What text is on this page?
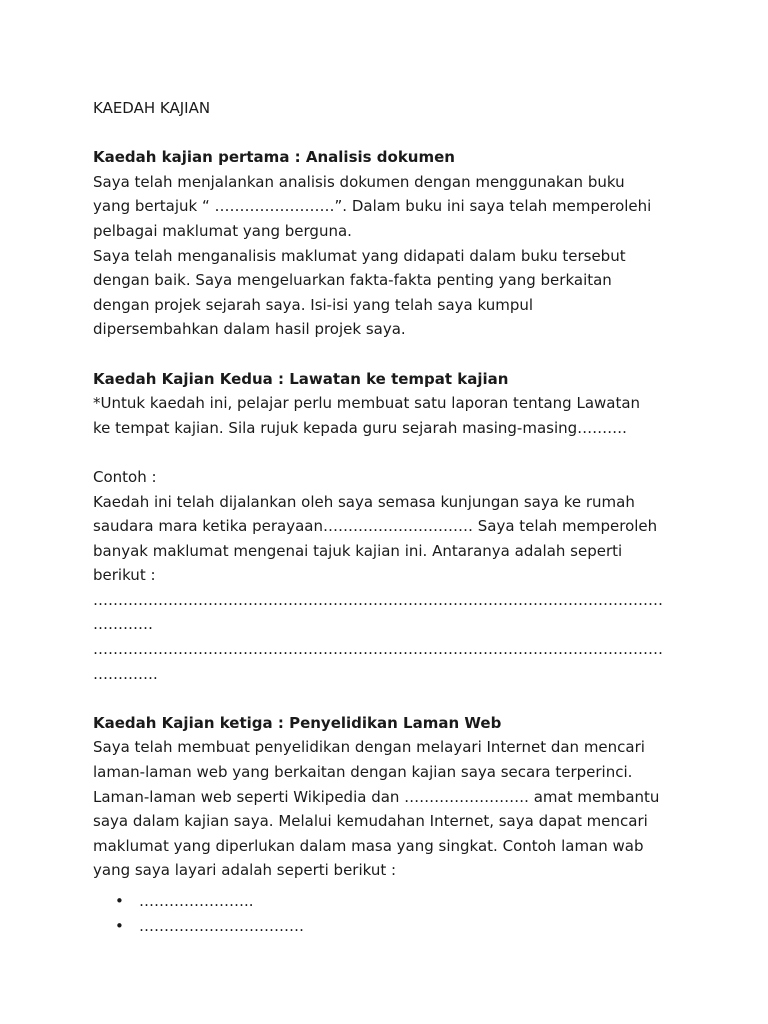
KAEDAH KAJIAN

Kaedah kajian pertama : Analisis dokumen

Saya telah menjalankan analisis dokumen dengan menggunakan buku

yang bertajuk “ ……………………”. Dalam buku ini saya telah memperolehi

pelbagai maklumat yang berguna.

Saya telah menganalisis maklumat yang didapati dalam buku tersebut

dengan baik. Saya mengeluarkan fakta-fakta penting yang berkaitan

dengan projek sejarah saya. Isi-isi yang telah saya kumpul

dipersembahkan dalam hasil projek saya.

Kaedah Kajian Kedua : Lawatan ke tempat kajian

*Untuk kaedah ini, pelajar perlu membuat satu laporan tentang Lawatan

ke tempat kajian. Sila rujuk kepada guru sejarah masing-masing……….

Contoh :

Kaedah ini telah dijalankan oleh saya semasa kunjungan saya ke rumah

saudara mara ketika perayaan………………………… Saya telah memperoleh

banyak maklumat mengenai tajuk kajian ini. Antaranya adalah seperti

berikut :

……………………………………………………………………………………………………

…………

……………………………………………………………………………………………………

………….

Kaedah Kajian ketiga : Penyelidikan Laman Web

Saya telah membuat penyelidikan dengan melayari Internet dan mencari

laman-laman web yang berkaitan dengan kajian saya secara terperinci.

Laman-laman web seperti Wikipedia dan ……………………. amat membantu

saya dalam kajian saya. Melalui kemudahan Internet, saya dapat mencari

maklumat yang diperlukan dalam masa yang singkat. Contoh laman wab

yang saya layari adalah seperti berikut :

• …………………..
• ……………………………
